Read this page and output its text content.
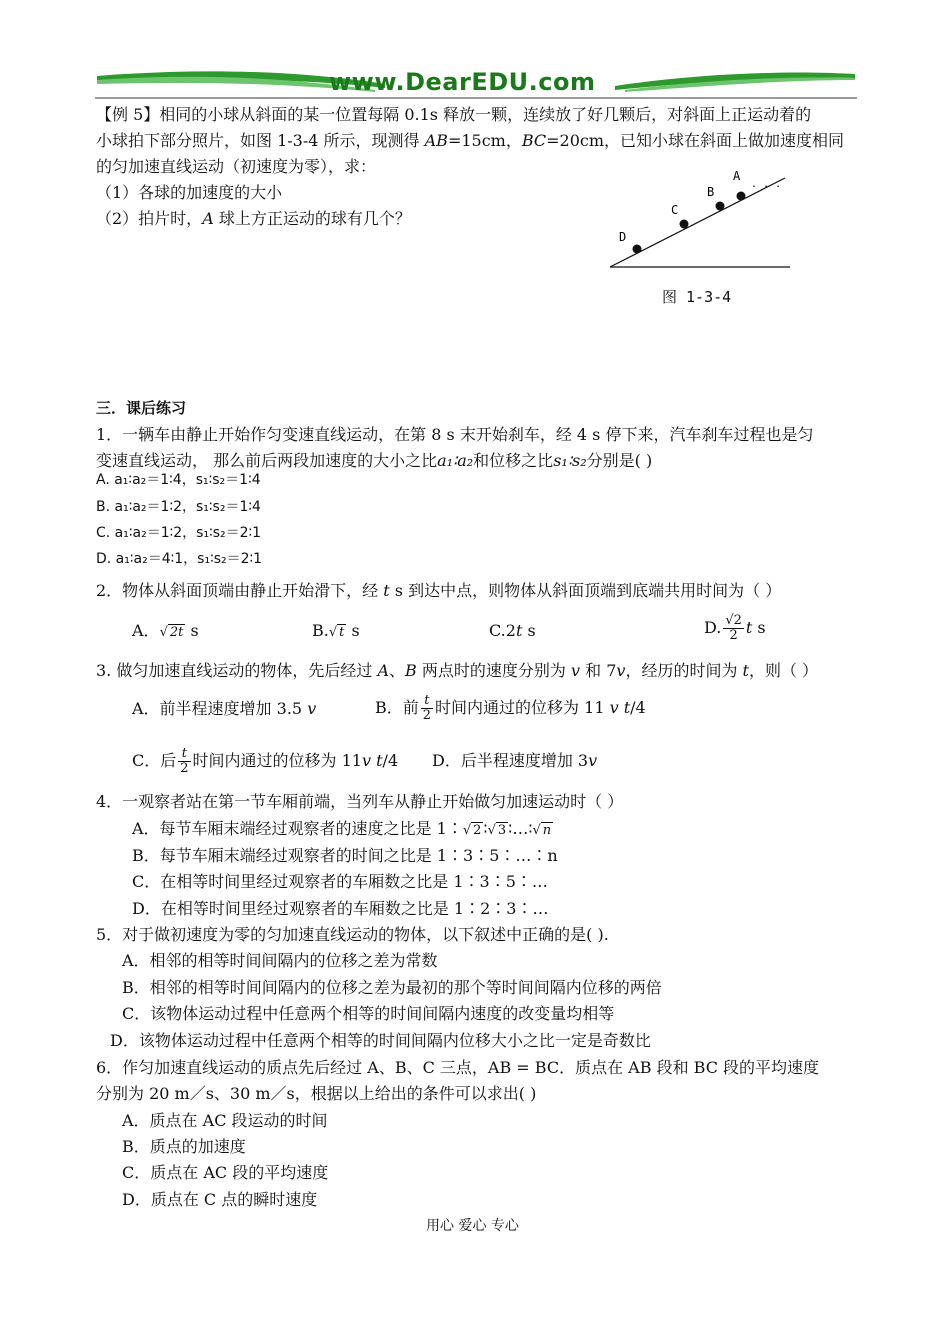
www.DearEDU.com
【例 5】相同的小球从斜面的某一位置每隔 0.1s 释放一颗，连续放了好几颗后，对斜面上正运动着的
小球拍下部分照片，如图 1-3-4 所示，现测得 AB=15cm，BC=20cm，已知小球在斜面上做加速度相同
的匀加速直线运动（初速度为零），求：
（1）各球的加速度的大小
（2）拍片时，A 球上方正运动的球有几个？
D
C
B
A
. . .
图 1-3-4
三．课后练习
1．一辆车由静止开始作匀变速直线运动，在第 8 s 末开始刹车，经 4 s 停下来，汽车刹车过程也是匀
变速直线运动， 那么前后两段加速度的大小之比a₁∶a₂和位移之比s₁∶s₂分别是( )
A. a₁∶a₂＝1∶4，s₁∶s₂＝1∶4
B. a₁∶a₂＝1∶2，s₁∶s₂＝1∶4
C. a₁∶a₂＝1∶2，s₁∶s₂＝2∶1
D. a₁∶a₂＝4∶1，s₁∶s₂＝2∶1
2．物体从斜面顶端由静止开始滑下，经 t s 到达中点，则物体从斜面顶端到底端共用时间为（ ）
A．√ 2t s	B.√ t s	C.2t s	D. $\frac{√2}{2}$ t s
3. 做匀加速直线运动的物体，先后经过 A、B 两点时的速度分别为 v 和 7v，经历的时间为 t，则（ ）
A．前半程速度增加 3.5 v	B．前 $\frac{t}{2}$ 时间内通过的位移为 11 v t/4
C．后 $\frac{t}{2}$ 时间内通过的位移为 11v t/4 D．后半程速度增加 3v
4．一观察者站在第一节车厢前端，当列车从静止开始做匀加速运动时（ ）
A．每节车厢末端经过观察者的速度之比是 1∶√ 2 ∶√ 3 ∶…∶√ n
B．每节车厢末端经过观察者的时间之比是 1∶3∶5∶…∶n
C．在相等时间里经过观察者的车厢数之比是 1∶3∶5∶…
D．在相等时间里经过观察者的车厢数之比是 1∶2∶3∶…
5．对于做初速度为零的匀加速直线运动的物体，以下叙述中正确的是( ).
A．相邻的相等时间间隔内的位移之差为常数
B．相邻的相等时间间隔内的位移之差为最初的那个等时间间隔内位移的两倍
C．该物体运动过程中任意两个相等的时间间隔内速度的改变量均相等
D．该物体运动过程中任意两个相等的时间间隔内位移大小之比一定是奇数比
6．作匀加速直线运动的质点先后经过 A、B、C 三点，AB = BC．质点在 AB 段和 BC 段的平均速度
分别为 20 m／s、30 m／s，根据以上给出的条件可以求出( )
A．质点在 AC 段运动的时间
B．质点的加速度
C．质点在 AC 段的平均速度
D．质点在 C 点的瞬时速度
用心 爱心 专心
